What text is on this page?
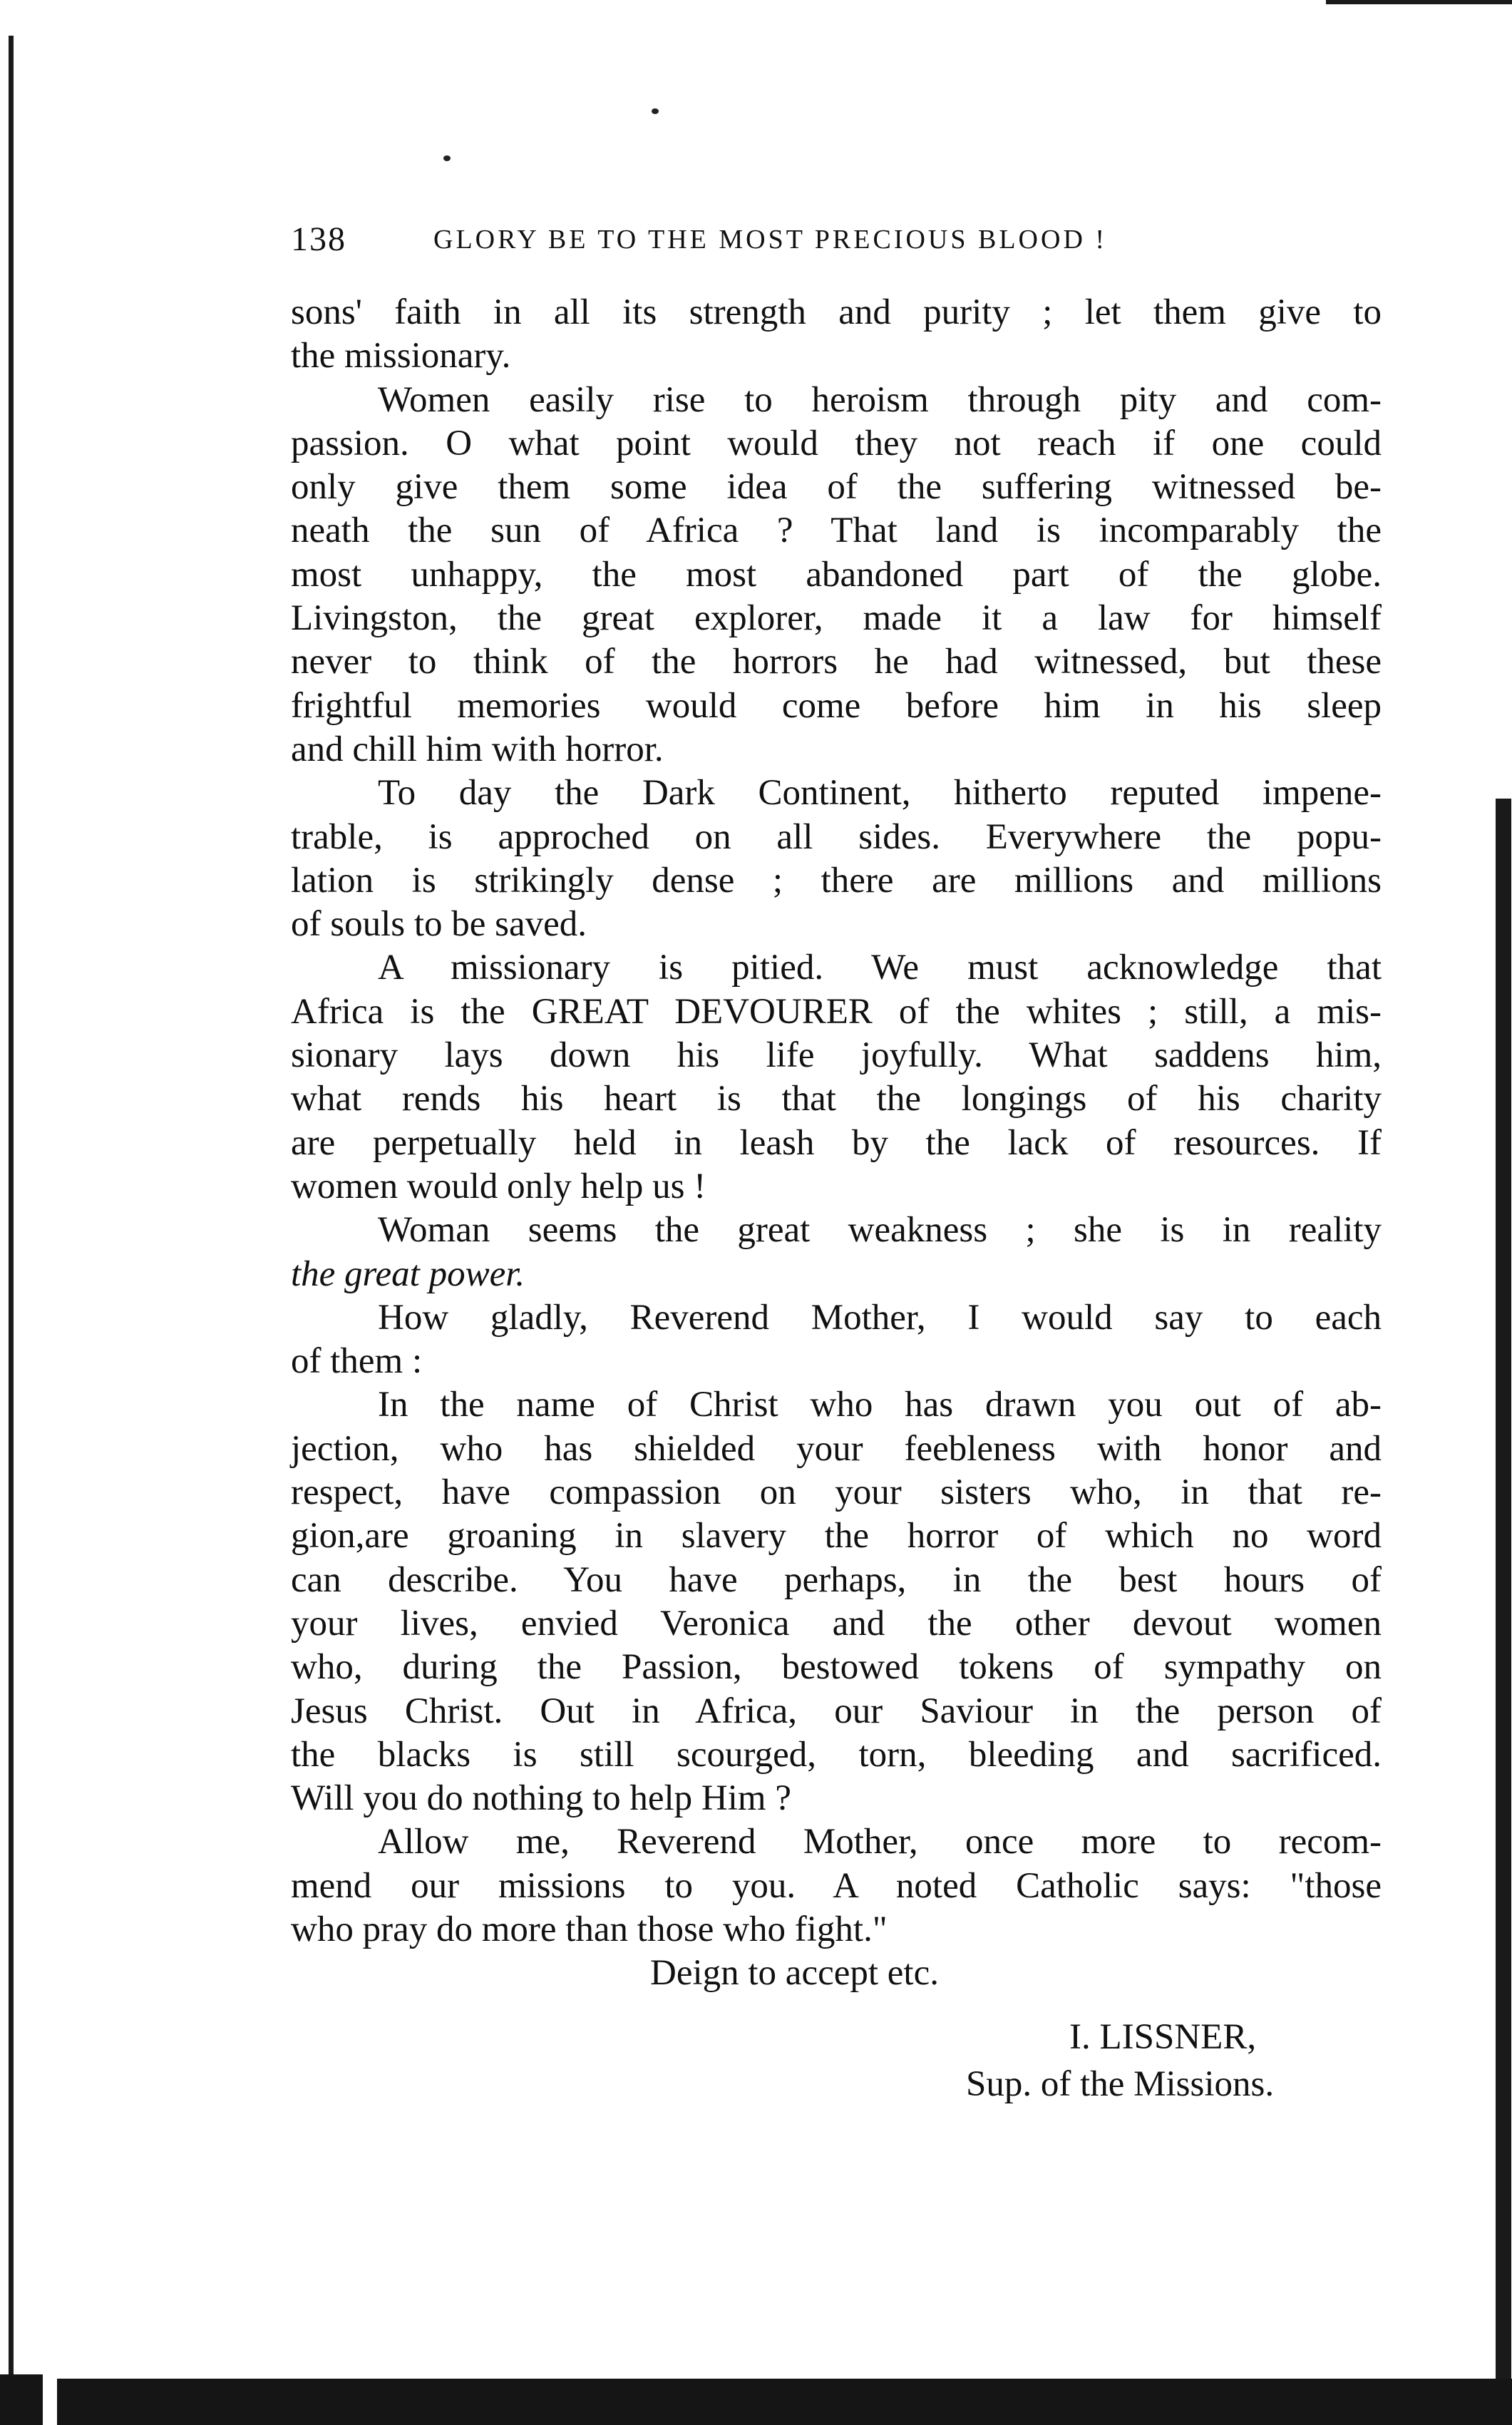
138	GLORY BE TO THE MOST PRECIOUS BLOOD !
sons' faith in all its strength and purity ; let them give to
the missionary.
Women easily rise to heroism through pity and com-
passion. O what point would they not reach if one could
only give them some idea of the suffering witnessed be-
neath the sun of Africa ? That land is incomparably the
most unhappy, the most abandoned part of the globe.
Livingston, the great explorer, made it a law for himself
never to think of the horrors he had witnessed, but these
frightful memories would come before him in his sleep
and chill him with horror.
To day the Dark Continent, hitherto reputed impene-
trable, is approched on all sides. Everywhere the popu-
lation is strikingly dense ; there are millions and millions
of souls to be saved.
A missionary is pitied. We must acknowledge that
Africa is the GREAT DEVOURER of the whites ; still, a mis-
sionary lays down his life joyfully. What saddens him,
what rends his heart is that the longings of his charity
are perpetually held in leash by the lack of resources. If
women would only help us !
Woman seems the great weakness ; she is in reality
the great power.
How gladly, Reverend Mother, I would say to each
of them :
In the name of Christ who has drawn you out of ab-
jection, who has shielded your feebleness with honor and
respect, have compassion on your sisters who, in that re-
gion,are groaning in slavery the horror of which no word
can describe. You have perhaps, in the best hours of
your lives, envied Veronica and the other devout women
who, during the Passion, bestowed tokens of sympathy on
Jesus Christ. Out in Africa, our Saviour in the person of
the blacks is still scourged, torn, bleeding and sacrificed.
Will you do nothing to help Him ?
Allow me, Reverend Mother, once more to recom-
mend our missions to you. A noted Catholic says: "those
who pray do more than those who fight."
Deign to accept etc.
I. LISSNER,
Sup. of the Missions.
